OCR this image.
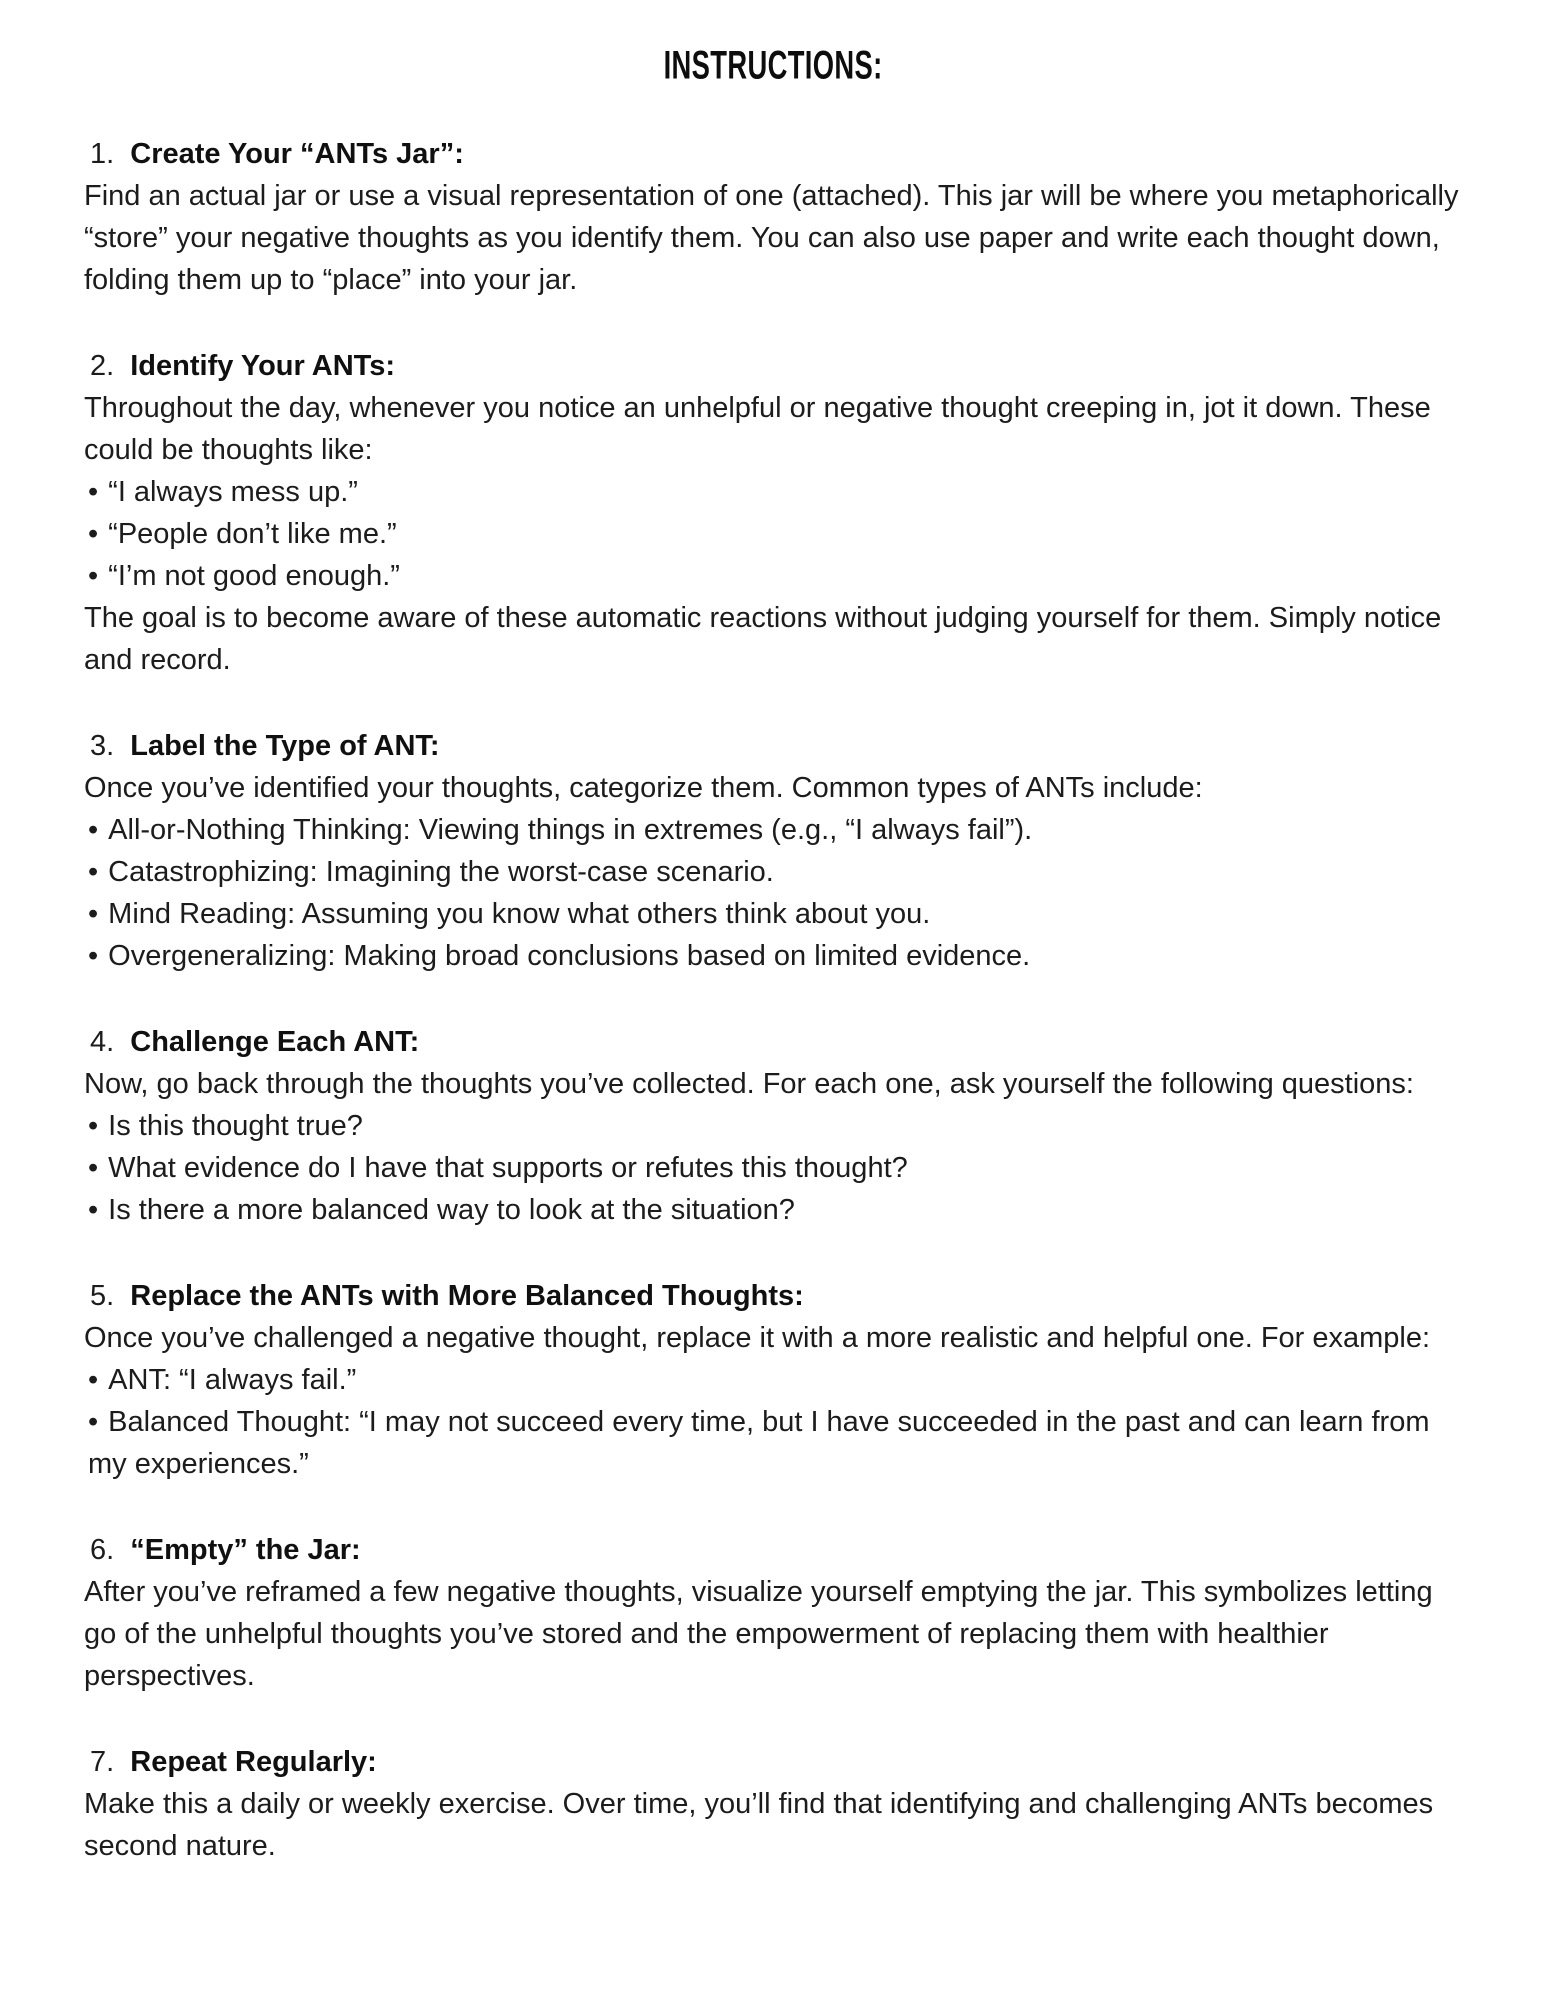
INSTRUCTIONS:
1. Create Your “ANTs Jar”:

Find an actual jar or use a visual representation of one (attached). This jar will be where you metaphorically “store” your negative thoughts as you identify them. You can also use paper and write each thought down, folding them up to “place” into your jar.

2. Identify Your ANTs:

Throughout the day, whenever you notice an unhelpful or negative thought creeping in, jot it down. These could be thoughts like:

• “I always mess up.”
• “People don’t like me.”
• “I’m not good enough.”

The goal is to become aware of these automatic reactions without judging yourself for them. Simply notice and record.

3. Label the Type of ANT:

Once you’ve identified your thoughts, categorize them. Common types of ANTs include:

• All-or-Nothing Thinking: Viewing things in extremes (e.g., “I always fail”).
• Catastrophizing: Imagining the worst-case scenario.
• Mind Reading: Assuming you know what others think about you.
• Overgeneralizing: Making broad conclusions based on limited evidence.
4. Challenge Each ANT:

Now, go back through the thoughts you’ve collected. For each one, ask yourself the following questions:

• Is this thought true?
• What evidence do I have that supports or refutes this thought?
• Is there a more balanced way to look at the situation?
5. Replace the ANTs with More Balanced Thoughts:

Once you’ve challenged a negative thought, replace it with a more realistic and helpful one. For example:

• ANT: “I always fail.”
• Balanced Thought: “I may not succeed every time, but I have succeeded in the past and can learn from my experiences.”
6. “Empty” the Jar:

After you’ve reframed a few negative thoughts, visualize yourself emptying the jar. This symbolizes letting go of the unhelpful thoughts you’ve stored and the empowerment of replacing them with healthier perspectives.

7. Repeat Regularly:

Make this a daily or weekly exercise. Over time, you’ll find that identifying and challenging ANTs becomes second nature.
